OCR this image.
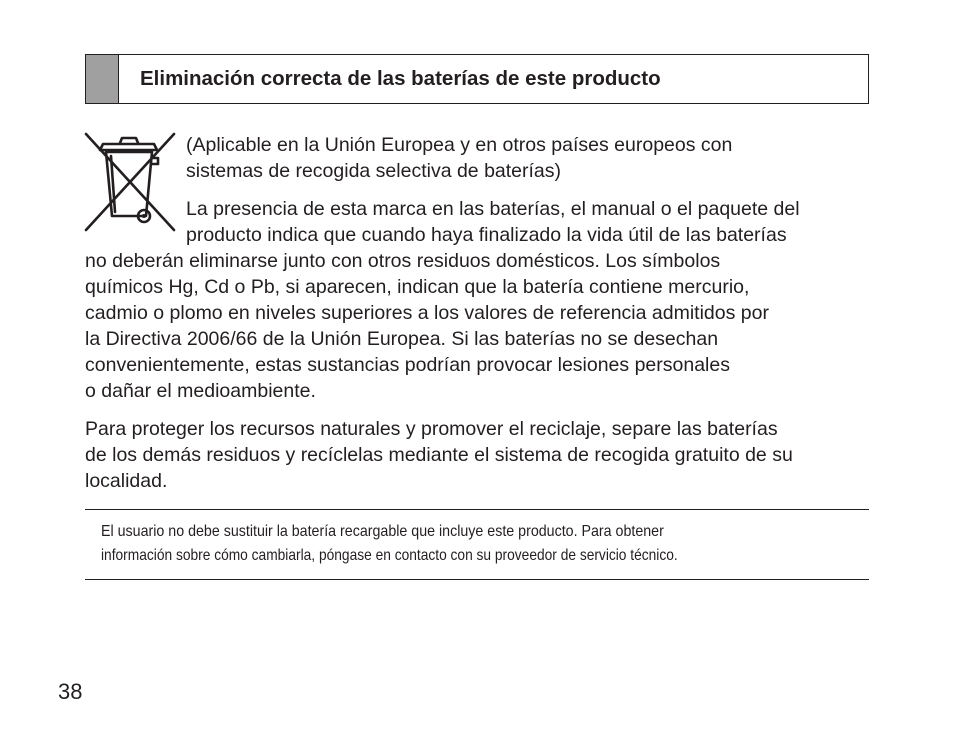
Eliminación correcta de las baterías de este producto

(Aplicable en la Unión Europea y en otros países europeos con

sistemas de recogida selectiva de baterías)

La presencia de esta marca en las baterías, el manual o el paquete del

producto indica que cuando haya finalizado la vida útil de las baterías

no deberán eliminarse junto con otros residuos domésticos. Los símbolos

químicos Hg, Cd o Pb, si aparecen, indican que la batería contiene mercurio,

cadmio o plomo en niveles superiores a los valores de referencia admitidos por

la Directiva 2006/66 de la Unión Europea. Si las baterías no se desechan

convenientemente, estas sustancias podrían provocar lesiones personales

o dañar el medioambiente.

Para proteger los recursos naturales y promover el reciclaje, separe las baterías

de los demás residuos y recíclelas mediante el sistema de recogida gratuito de su

localidad.

El usuario no debe sustituir la batería recargable que incluye este producto. Para obtener
información sobre cómo cambiarla, póngase en contacto con su proveedor de servicio técnico.
38
